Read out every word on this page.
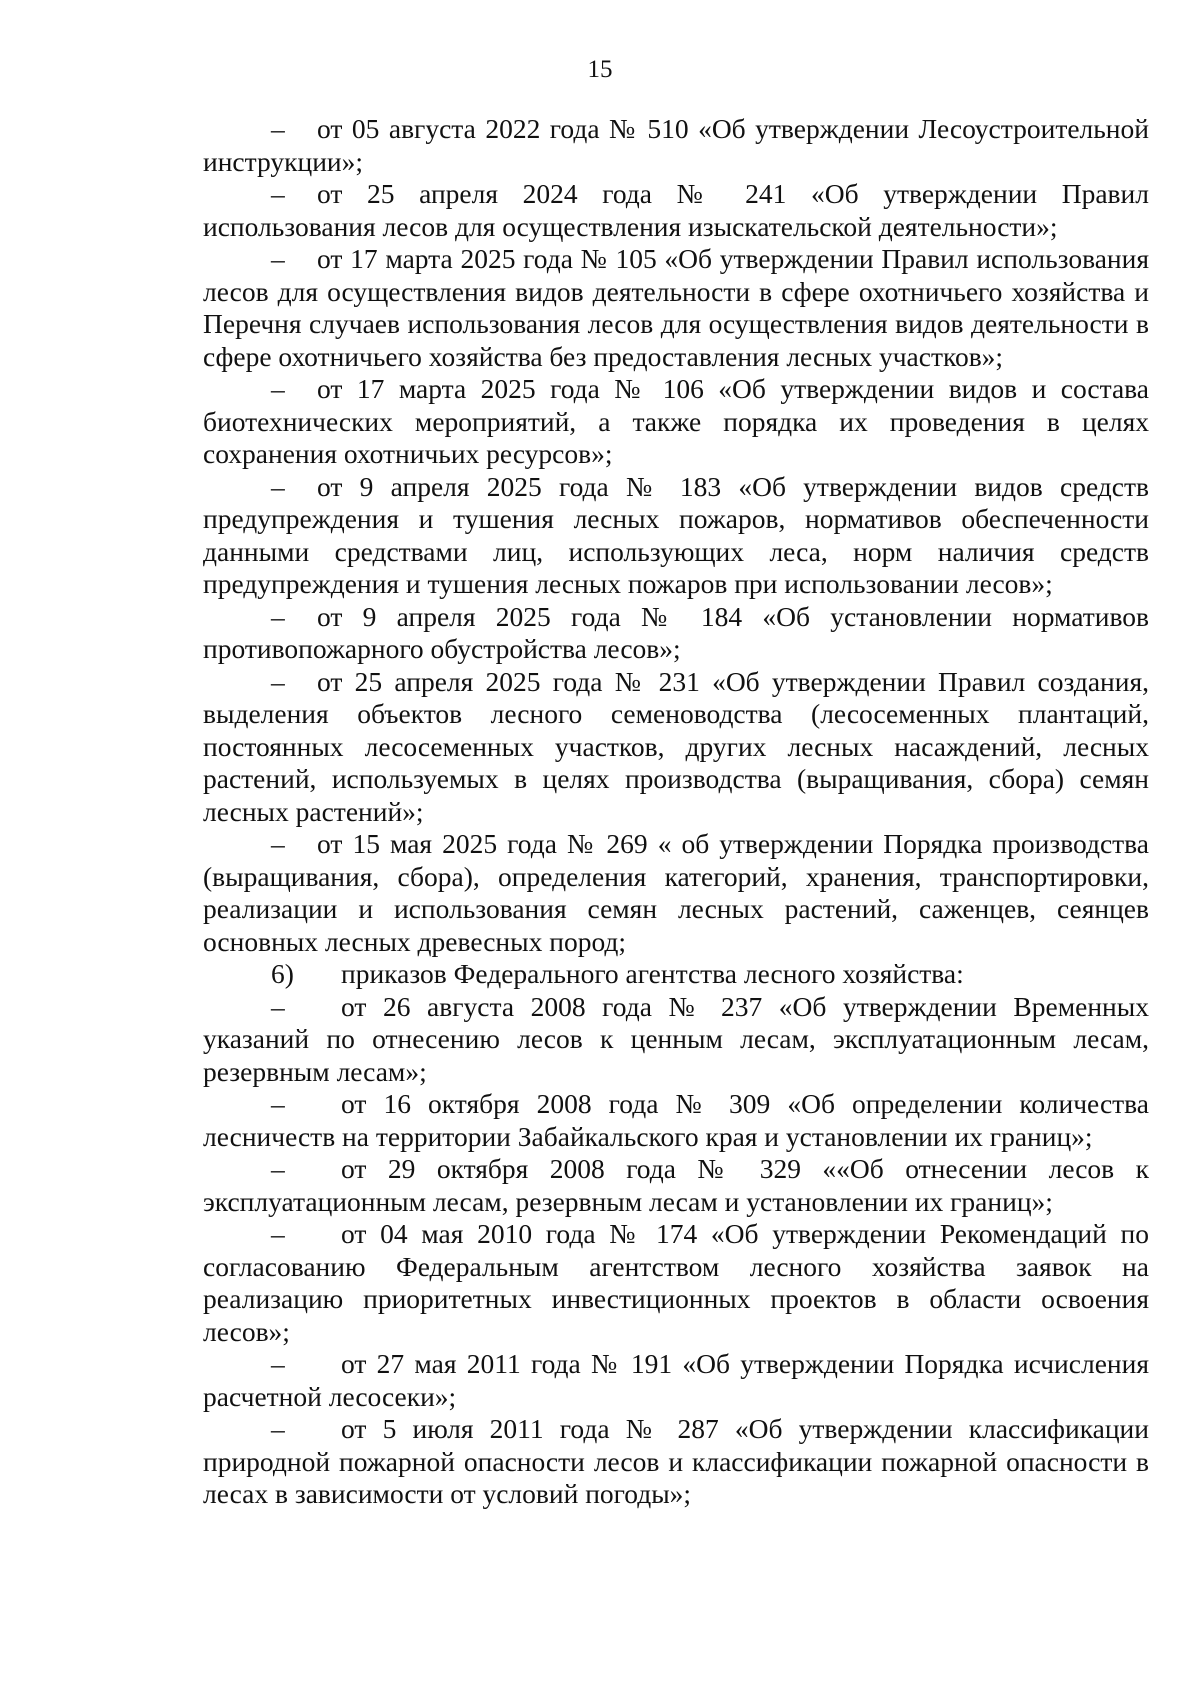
15

– от 05 августа 2022 года № 510 «Об утверждении Лесоустроительной инструкции»;

– от 25 апреля 2024 года № 241 «Об утверждении Правил использования лесов для осуществления изыскательской деятельности»;

– от 17 марта 2025 года № 105 «Об утверждении Правил использования лесов для осуществления видов деятельности в сфере охотничьего хозяйства и Перечня случаев использования лесов для осуществления видов деятельности в сфере охотничьего хозяйства без предоставления лесных участков»;

– от 17 марта 2025 года № 106 «Об утверждении видов и состава биотехнических мероприятий, а также порядка их проведения в целях сохранения охотничьих ресурсов»;

– от 9 апреля 2025 года № 183 «Об утверждении видов средств предупреждения и тушения лесных пожаров, нормативов обеспеченности данными средствами лиц, использующих леса, норм наличия средств предупреждения и тушения лесных пожаров при использовании лесов»;

– от 9 апреля 2025 года № 184 «Об установлении нормативов противопожарного обустройства лесов»;

– от 25 апреля 2025 года № 231 «Об утверждении Правил создания, выделения объектов лесного семеноводства (лесосеменных плантаций, постоянных лесосеменных участков, других лесных насаждений, лесных растений, используемых в целях производства (выращивания, сбора) семян лесных растений»;

– от 15 мая 2025 года № 269 « об утверждении Порядка производства (выращивания, сбора), определения категорий, хранения, транспортировки, реализации и использования семян лесных растений, саженцев, сеянцев основных лесных древесных пород;

6) приказов Федерального агентства лесного хозяйства:

– от 26 августа 2008 года № 237 «Об утверждении Временных указаний по отнесению лесов к ценным лесам, эксплуатационным лесам, резервным лесам»;

– от 16 октября 2008 года № 309 «Об определении количества лесничеств на территории Забайкальского края и установлении их границ»;

– от 29 октября 2008 года № 329 ««Об отнесении лесов к эксплуатационным лесам, резервным лесам и установлении их границ»;

– от 04 мая 2010 года № 174 «Об утверждении Рекомендаций по согласованию Федеральным агентством лесного хозяйства заявок на реализацию приоритетных инвестиционных проектов в области освоения лесов»;

– от 27 мая 2011 года № 191 «Об утверждении Порядка исчисления расчетной лесосеки»;

– от 5 июля 2011 года № 287 «Об утверждении классификации природной пожарной опасности лесов и классификации пожарной опасности в лесах в зависимости от условий погоды»;
